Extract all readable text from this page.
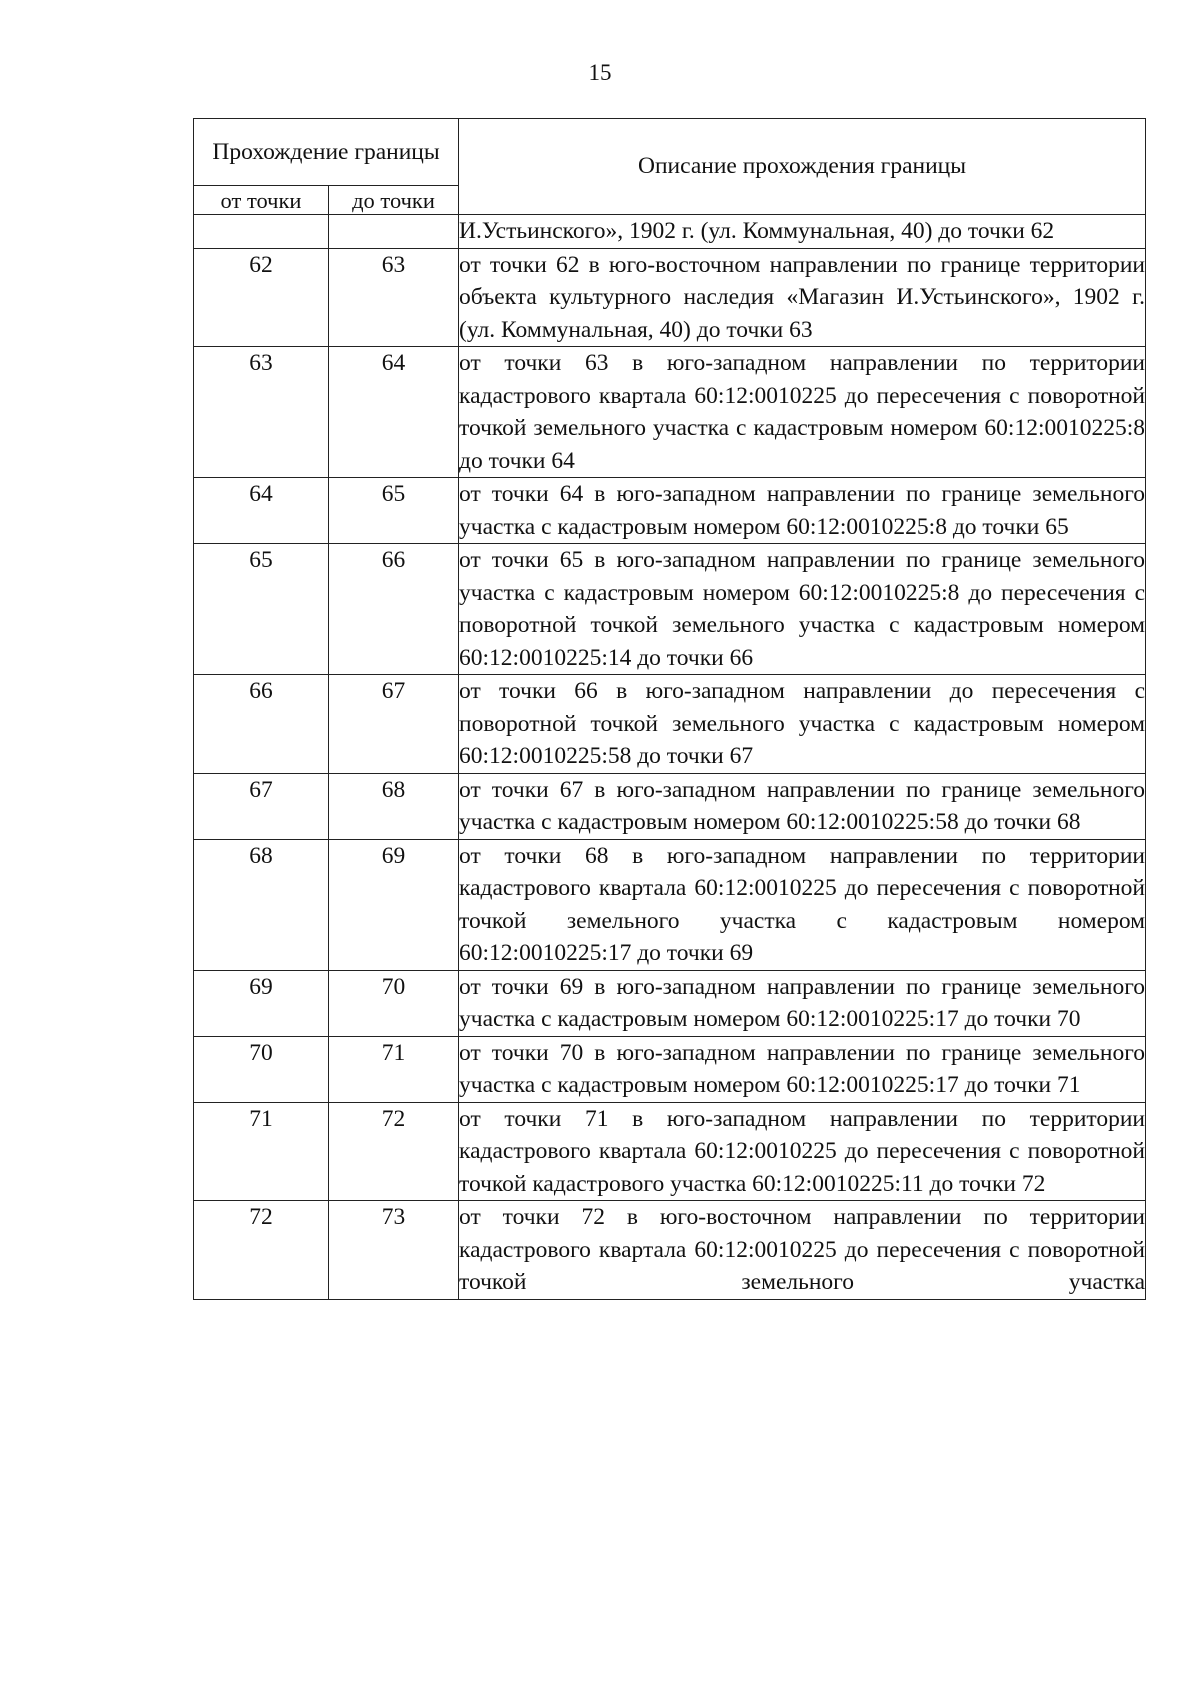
15
Прохождение границы		Описание прохождения границы
от точки	до точки	
		И.Устьинского», 1902 г. (ул. Коммунальная, 40) до точки 62
62	63	от точки 62 в юго-восточном направлении по границе территории объекта культурного наследия «Магазин И.Устьинского», 1902 г. (ул. Коммунальная, 40) до точки 63
63	64	от точки 63 в юго-западном направлении по территории кадастрового квартала 60:12:0010225 до пересечения с поворотной точкой земельного участка с кадастровым номером 60:12:0010225:8 до точки 64
64	65	от точки 64 в юго-западном направлении по границе земельного участка с кадастровым номером 60:12:0010225:8 до точки 65
65	66	от точки 65 в юго-западном направлении по границе земельного участка с кадастровым номером 60:12:0010225:8 до пересечения с поворотной точкой земельного участка с кадастровым номером 60:12:0010225:14 до точки 66
66	67	от точки 66 в юго-западном направлении до пересечения с поворотной точкой земельного участка с кадастровым номером 60:12:0010225:58 до точки 67
67	68	от точки 67 в юго-западном направлении по границе земельного участка с кадастровым номером 60:12:0010225:58 до точки 68
68	69	от точки 68 в юго-западном направлении по территории кадастрового квартала 60:12:0010225 до пересечения с поворотной точкой земельного участка с кадастровым номером 60:12:0010225:17 до точки 69
69	70	от точки 69 в юго-западном направлении по границе земельного участка с кадастровым номером 60:12:0010225:17 до точки 70
70	71	от точки 70 в юго-западном направлении по границе земельного участка с кадастровым номером 60:12:0010225:17 до точки 71
71	72	от точки 71 в юго-западном направлении по территории кадастрового квартала 60:12:0010225 до пересечения с поворотной точкой кадастрового участка 60:12:0010225:11 до точки 72
72	73	от точки 72 в юго-восточном направлении по территории кадастрового квартала 60:12:0010225 до пересечения с поворотной точкой земельного участка
